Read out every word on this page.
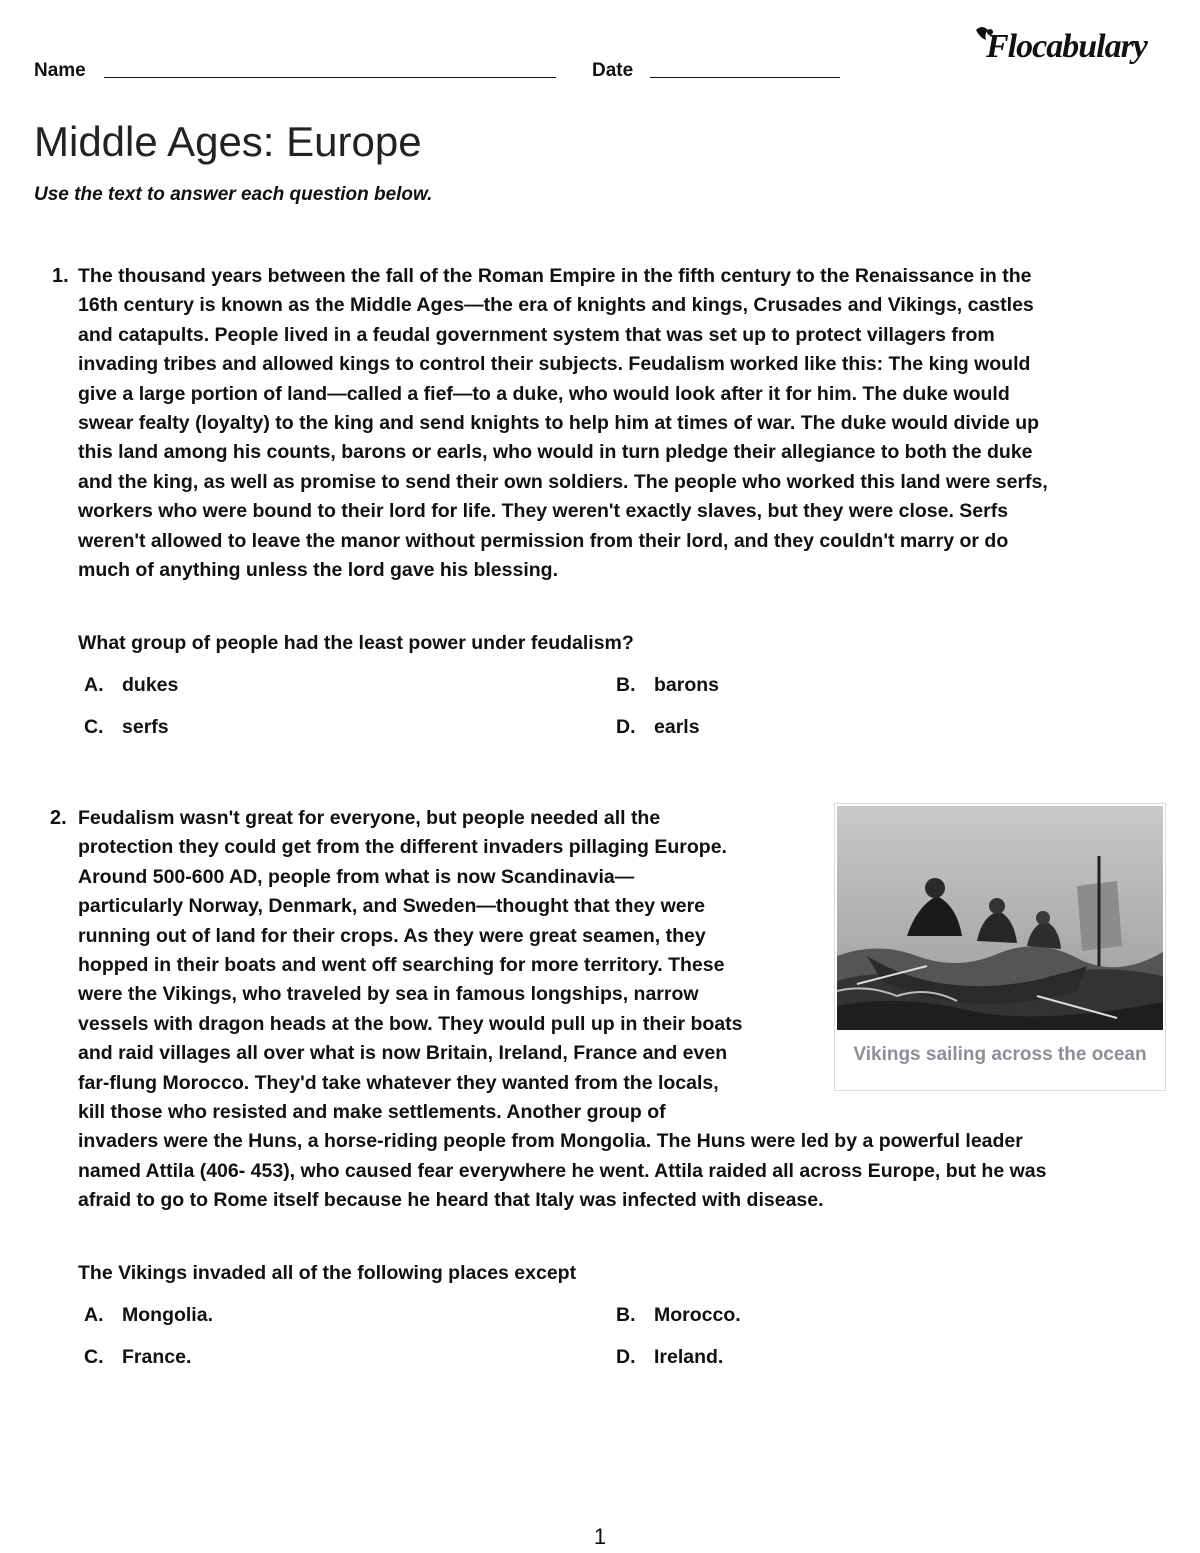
Name	Date
Flocabulary
Middle Ages: Europe
Use the text to answer each question below.
1. The thousand years between the fall of the Roman Empire in the fifth century to the Renaissance in the
16th century is known as the Middle Ages—the era of knights and kings, Crusades and Vikings, castles
and catapults. People lived in a feudal government system that was set up to protect villagers from
invading tribes and allowed kings to control their subjects. Feudalism worked like this: The king would
give a large portion of land—called a fief—to a duke, who would look after it for him. The duke would
swear fealty (loyalty) to the king and send knights to help him at times of war. The duke would divide up
this land among his counts, barons or earls, who would in turn pledge their allegiance to both the duke
and the king, as well as promise to send their own soldiers. The people who worked this land were serfs,
workers who were bound to their lord for life. They weren't exactly slaves, but they were close. Serfs
weren't allowed to leave the manor without permission from their lord, and they couldn't marry or do
much of anything unless the lord gave his blessing.
What group of people had the least power under feudalism?
A. dukes	B. barons
C. serfs	D. earls
2. Feudalism wasn't great for everyone, but people needed all the
protection they could get from the different invaders pillaging Europe.
Around 500-600 AD, people from what is now Scandinavia—
particularly Norway, Denmark, and Sweden—thought that they were
running out of land for their crops. As they were great seamen, they
hopped in their boats and went off searching for more territory. These
were the Vikings, who traveled by sea in famous longships, narrow
vessels with dragon heads at the bow. They would pull up in their boats
and raid villages all over what is now Britain, Ireland, France and even
far-flung Morocco. They'd take whatever they wanted from the locals,
kill those who resisted and make settlements. Another group of
invaders were the Huns, a horse-riding people from Mongolia. The Huns were led by a powerful leader
named Attila (406- 453), who caused fear everywhere he went. Attila raided all across Europe, but he was
afraid to go to Rome itself because he heard that Italy was infected with disease.
Vikings sailing across the ocean
The Vikings invaded all of the following places except
A. Mongolia.	B. Morocco.
C. France.	D. Ireland.
1
